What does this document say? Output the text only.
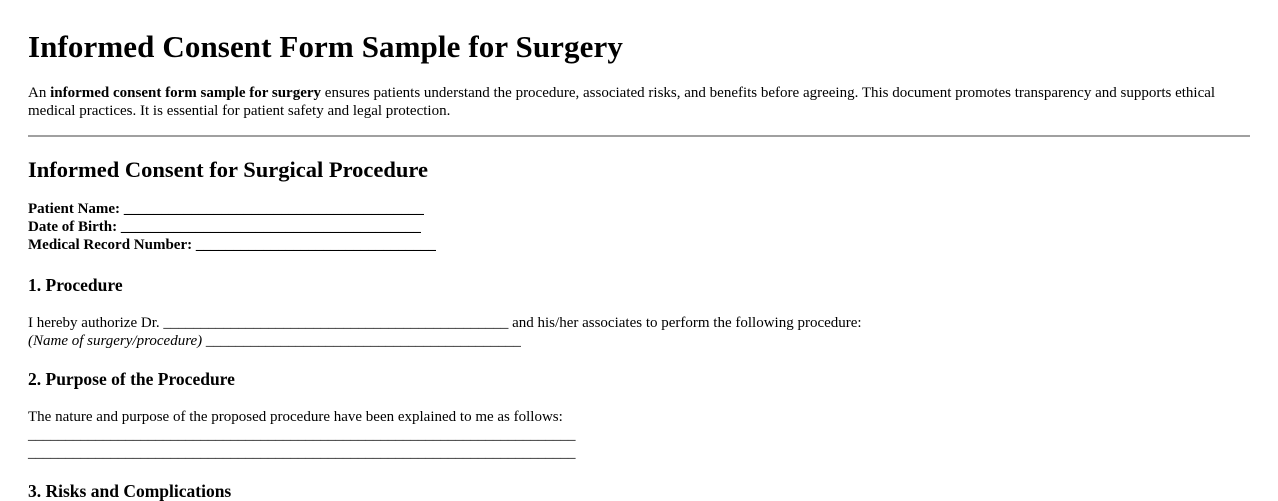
Informed Consent Form Sample for Surgery

An informed consent form sample for surgery ensures patients understand the procedure, associated risks, and benefits before agreeing. This document promotes transparency and supports ethical medical practices. It is essential for patient safety and legal protection.

Informed Consent for Surgical Procedure
Patient Name: ________________________________________
Date of Birth: ________________________________________
Medical Record Number: ________________________________
1. Procedure

I hereby authorize Dr. ______________________________________________ and his/her associates to perform the following procedure:
(Name of surgery/procedure) __________________________________________

2. Purpose of the Procedure

The nature and purpose of the proposed procedure have been explained to me as follows:
_________________________________________________________________________
_________________________________________________________________________

3. Risks and Complications
